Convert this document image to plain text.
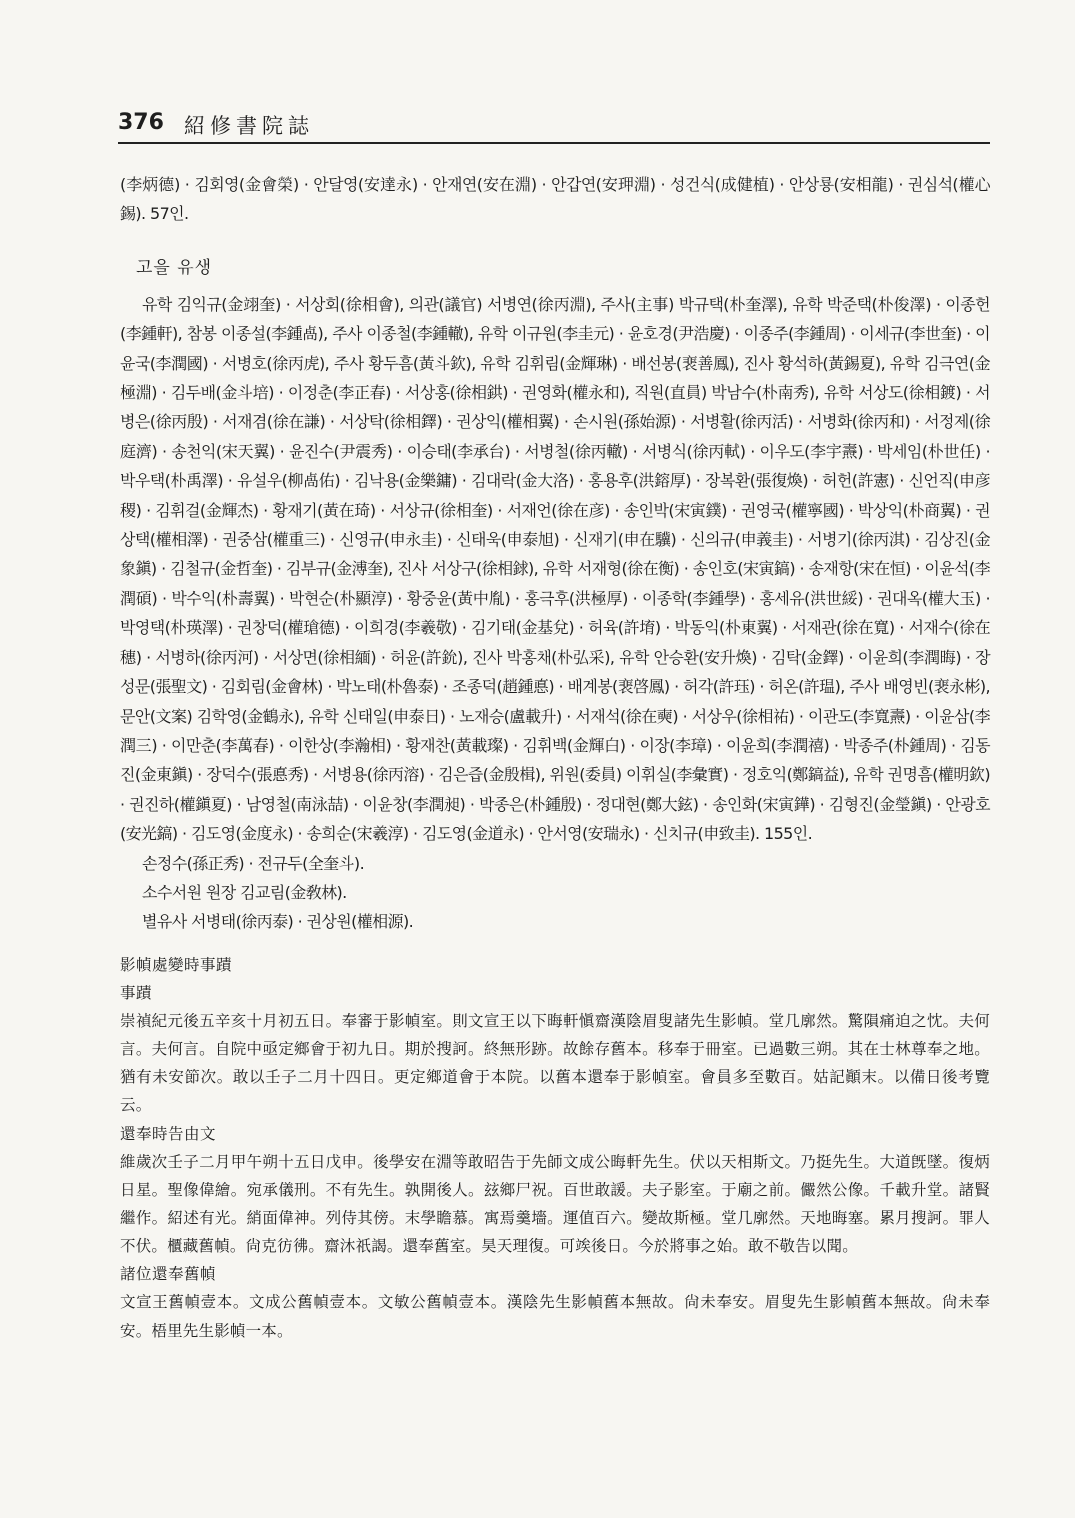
376 紹修書院誌

(李炳德) · 김회영(金會榮) · 안달영(安達永) · 안재연(安在淵) · 안갑연(安玾淵) · 성건식(成健植) · 안상룡(安相龍) · 권심석(權心錫). 57인.

고을 유생

유학 김익규(金翊奎) · 서상회(徐相會), 의관(議官) 서병연(徐丙淵), 주사(主事) 박규택(朴奎澤), 유학 박준택(朴俊澤) · 이종헌(李鍾軒), 참봉 이종설(李鍾卨), 주사 이종철(李鍾轍), 유학 이규원(李圭元) · 윤호경(尹浩慶) · 이종주(李鍾周) · 이세규(李世奎) · 이윤국(李潤國) · 서병호(徐丙虎), 주사 황두흠(黃斗欽), 유학 김휘림(金輝琳) · 배선봉(裵善鳳), 진사 황석하(黃錫夏), 유학 김극연(金極淵) · 김두배(金斗培) · 이정춘(李正春) · 서상홍(徐相鉷) · 권영화(權永和), 직원(直員) 박남수(朴南秀), 유학 서상도(徐相鍍) · 서병은(徐丙殷) · 서재겸(徐在謙) · 서상탁(徐相鐸) · 권상익(權相翼) · 손시원(孫始源) · 서병활(徐丙活) · 서병화(徐丙和) · 서정제(徐庭濟) · 송천익(宋天翼) · 윤진수(尹震秀) · 이승태(李承台) · 서병철(徐丙轍) · 서병식(徐丙軾) · 이우도(李宇燾) · 박세임(朴世任) · 박우택(朴禹澤) · 유설우(柳卨佑) · 김낙용(金樂鏞) · 김대락(金大洛) · 홍용후(洪鎔厚) · 장복환(張復煥) · 허헌(許憲) · 신언직(申彦稷) · 김휘걸(金輝杰) · 황재기(黃在琦) · 서상규(徐相奎) · 서재언(徐在彦) · 송인박(宋寅鏷) · 권영국(權寧國) · 박상익(朴商翼) · 권상택(權相澤) · 권중삼(權重三) · 신영규(申永圭) · 신태욱(申泰旭) · 신재기(申在驥) · 신의규(申義圭) · 서병기(徐丙淇) · 김상진(金象鎭) · 김철규(金哲奎) · 김부규(金溥奎), 진사 서상구(徐相銶), 유학 서재형(徐在衡) · 송인호(宋寅鎬) · 송재항(宋在恒) · 이윤석(李潤碩) · 박수익(朴壽翼) · 박현순(朴顯淳) · 황중윤(黃中胤) · 홍극후(洪極厚) · 이종학(李鍾學) · 홍세유(洪世綏) · 권대옥(權大玉) · 박영택(朴瑛澤) · 권창덕(權瑲德) · 이희경(李羲敬) · 김기태(金基兌) · 허육(許堉) · 박동익(朴東翼) · 서재관(徐在寬) · 서재수(徐在穗) · 서병하(徐丙河) · 서상면(徐相緬) · 허윤(許鈗), 진사 박홍채(朴弘采), 유학 안승환(安升煥) · 김탁(金鐸) · 이윤희(李潤晦) · 장성문(張聖文) · 김회림(金會林) · 박노태(朴魯泰) · 조종덕(趙鍾悳) · 배계봉(裵啓鳳) · 허각(許珏) · 허온(許瑥), 주사 배영빈(裵永彬), 문안(文案) 김학영(金鶴永), 유학 신태일(申泰日) · 노재승(盧載升) · 서재석(徐在奭) · 서상우(徐相祐) · 이관도(李寬燾) · 이윤삼(李潤三) · 이만춘(李萬春) · 이한상(李瀚相) · 황재찬(黃載璨) · 김휘백(金輝白) · 이장(李璋) · 이윤희(李潤禧) · 박종주(朴鍾周) · 김동진(金東鎭) · 장덕수(張悳秀) · 서병용(徐丙溶) · 김은즙(金殷楫), 위원(委員) 이휘실(李彙實) · 정호익(鄭鎬益), 유학 권명흠(權明欽) · 권진하(權鎭夏) · 남영철(南泳喆) · 이윤창(李潤昶) · 박종은(朴鍾殷) · 정대현(鄭大鉉) · 송인화(宋寅鏵) · 김형진(金瑩鎭) · 안광호(安光鎬) · 김도영(金度永) · 송희순(宋羲淳) · 김도영(金道永) · 안서영(安瑞永) · 신치규(申致圭). 155인.

손정수(孫正秀) · 전규두(全奎斗).

소수서원 원장 김교림(金敎林).

별유사 서병태(徐丙泰) · 권상원(權相源).

影幀處變時事蹟
事蹟

崇禎紀元後五辛亥十月初五日。奉審于影幀室。則文宣王以下晦軒愼齋漢陰眉叟諸先生影幀。堂几廓然。驚隕痛迫之忱。夫何言。夫何言。自院中亟定鄉會于初九日。期於搜訶。終無形跡。故餘存舊本。移奉于冊室。已過數三朔。其在士林尊奉之地。猶有未安節次。敢以壬子二月十四日。更定鄉道會于本院。以舊本還奉于影幀室。會員多至數百。姑記顚末。以備日後考覽云。

還奉時告由文

維歲次壬子二月甲午朔十五日戊申。後學安在淵等敢昭告于先師文成公晦軒先生。伏以天相斯文。乃挺先生。大道旣墜。復炳日星。聖像偉繪。宛承儀刑。不有先生。孰開後人。玆鄉尸祝。百世敢諼。夫子影室。于廟之前。儼然公像。千載升堂。諸賢繼作。紹述有光。綃面偉神。列侍其傍。末學瞻慕。寓焉羹墻。運值百六。變故斯極。堂几廓然。天地晦塞。累月搜訶。罪人不伏。櫃藏舊幀。尙克彷彿。齋沐祇謁。還奉舊室。昊天理復。可竢後日。今於將事之始。敢不敬告以聞。

諸位還奉舊幀

文宣王舊幀壹本。文成公舊幀壹本。文敏公舊幀壹本。漢陰先生影幀舊本無故。尙未奉安。眉叟先生影幀舊本無故。尙未奉安。梧里先生影幀一本。
